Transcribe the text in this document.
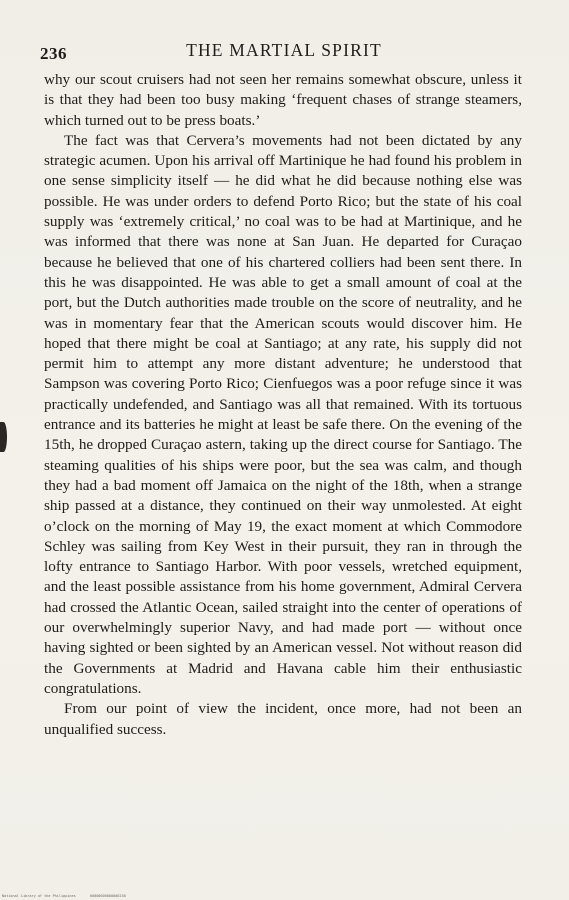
236	THE MARTIAL SPIRIT

why our scout cruisers had not seen her remains somewhat obscure, unless it is that they had been too busy making ‘frequent chases of strange steamers, which turned out to be press boats.’

The fact was that Cervera’s movements had not been dictated by any strategic acumen. Upon his arrival off Martinique he had found his problem in one sense simplicity itself — he did what he did because nothing else was possible. He was under orders to defend Porto Rico; but the state of his coal supply was ‘extremely critical,’ no coal was to be had at Martinique, and he was informed that there was none at San Juan. He departed for Curaçao because he believed that one of his chartered colliers had been sent there. In this he was disappointed. He was able to get a small amount of coal at the port, but the Dutch authorities made trouble on the score of neutrality, and he was in momentary fear that the American scouts would discover him. He hoped that there might be coal at Santiago; at any rate, his supply did not permit him to attempt any more distant adventure; he understood that Sampson was covering Porto Rico; Cienfuegos was a poor refuge since it was practically undefended, and Santiago was all that remained. With its tortuous entrance and its batteries he might at least be safe there. On the evening of the 15th, he dropped Curaçao astern, taking up the direct course for Santiago. The steaming qualities of his ships were poor, but the sea was calm, and though they had a bad moment off Jamaica on the night of the 18th, when a strange ship passed at a distance, they continued on their way unmolested. At eight o’clock on the morning of May 19, the exact moment at which Commodore Schley was sailing from Key West in their pursuit, they ran in through the lofty entrance to Santiago Harbor. With poor vessels, wretched equipment, and the least possible assistance from his home government, Admiral Cervera had crossed the Atlantic Ocean, sailed straight into the center of operations of our overwhelmingly superior Navy, and had made port — without once having sighted or been sighted by an American vessel. Not without reason did the Governments at Madrid and Havana cable him their enthusiastic congratulations.

From our point of view the incident, once more, had not been an unqualified success.

National Library of the Philippines	00000000000000236
